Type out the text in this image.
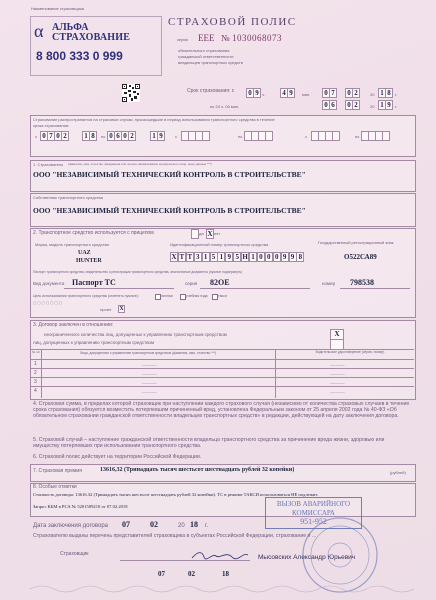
Наименование страховщика
α АЛЬФА
СТРАХОВАНИЕ
8 800 333 0 999
СТРАХОВОЙ ПОЛИС
серия ЕЕЕ № 1030068073
обязательного страхования
гражданской ответственности
владельцев транспортных средств
Срок страхования: с
ч.	мин.	20	г.
по 24 ч. 00 мин.	20	г.
Страхование распространяется на страховые случаи, произошедшие в период использования транспортного средства в течение
срока страхования:
с	по	с	по	с	по
1. Страхователь (фамилия, имя, отчество гражданина или полное наименование юридического лица, иные данные ***)
ООО "НЕЗАВИСИМЫЙ ТЕХНИЧЕСКИЙ КОНТРОЛЬ В СТРОИТЕЛЬСТВЕ"
Собственник транспортного средства
ООО "НЕЗАВИСИМЫЙ ТЕХНИЧЕСКИЙ КОНТРОЛЬ В СТРОИТЕЛЬСТВЕ"
2. Транспортное средство используется с прицепом	да X нет
Марка, модель транспортного средства
UAZ
HUNTER
Идентификационный номер транспортного средства	Государственный регистрационный знак
О522СА89
Паспорт транспортного средства, свидетельство о регистрации транспортного средства, аналогичные документы (нужное подчеркнуть)
Вид документа Паспорт ТС	серия 82ОЕ	номер 798538
Цель использования транспортного средства (отметить нужное):	личная	учебная езда	такси
▢ ▢ ▢ ▢ ▢ ▢ ▢
прочее X
3. Договор заключен в отношении:
неограниченного количества лиц, допущенных к управлению транспортным средством	X
лиц, допущенных к управлению транспортным средством
№ п/п	Лица, допущенные к управлению транспортным средством (фамилия, имя, отчество ***)	Водительское удостоверение (серия, номер)
4. Страховая сумма, в пределах которой страховщик при наступлении каждого страхового случая (независимо от количества страховых случаев в течение срока страхования) обязуется возместить потерпевшим причиненный вред, установлена Федеральным законом от 25 апреля 2002 года № 40-ФЗ «Об обязательном страховании гражданской ответственности владельцев транспортных средств» в редакции, действующей на дату заключения договора.
5. Страховой случай – наступление гражданской ответственности владельца транспортного средства за причинение вреда жизни, здоровью или имуществу потерпевших при использовании транспортного средства.
6. Страховой полис действует на территории Российской Федерации.
7. Страховая премия	13616,32 (Тринадцать тысяч шестьсот шестнадцать рублей 32 копейки)	(рублей)
8. Особые отметки
Стоимость договора: 13616.32 (Тринадцать тысяч шестьсот шестнадцать рублей 32 копейки). ТС в режиме ТАКСИ использоваться НЕ подлежит.
Запрос КБМ в РСА № 5201509210 от 07.02.2018
Дата заключения договора 07	02	20 18 г.
Страхователю выданы перечень представителей страховщика в субъектах Российской Федерации, страхование и ...
Страховщик	Мысовских Александр Юрьевич
07	02	18
ВЫЗОВ АВАРИЙНОГО
КОМИССАРА
951-952
0 9	4 9	0 7	0 2	1 8
0 6	0 2	1 9
0 7 0 2	1 8	0 6 0 2	1 9
X T T 3 1 5 1 9 5 H 1 0 0 0 9 9 8
1	-----------	-----------
2	-----------	-----------
3	-----------	-----------
4	-----------	-----------
